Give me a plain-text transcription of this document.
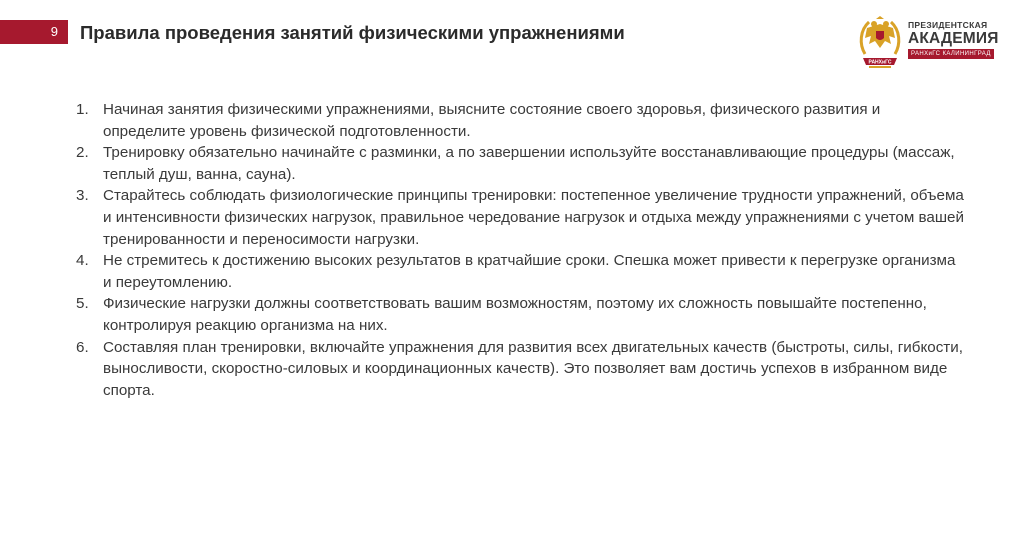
9 Правила проведения занятий физическими упражнениями
РАНХиГС
ПРЕЗИДЕНТСКАЯ
АКАДЕМИЯ
РАНХиГС КАЛИНИНГРАД
1. Начиная занятия физическими упражнениями, выясните состояние своего здоровья, физического развития и определите уровень физической подготовленности.
2. Тренировку обязательно начинайте с разминки, а по завершении используйте восстанавливающие процедуры (массаж, теплый душ, ванна, сауна).
3. Старайтесь соблюдать физиологические принципы тренировки: постепенное увеличение трудности упражнений, объема и интенсивности физических нагрузок, правильное чередование нагрузок и отдыха между упражнениями с учетом вашей тренированности и переносимости нагрузки.
4. Не стремитесь к достижению высоких результатов в кратчайшие сроки. Спешка может привести к перегрузке организма и переутомлению.
5. Физические нагрузки должны соответствовать вашим возможностям, поэтому их сложность повышайте постепенно, контролируя реакцию организма на них.
6. Составляя план тренировки, включайте упражнения для развития всех двигательных качеств (быстроты, силы, гибкости, выносливости, скоростно-силовых и координационных качеств). Это позволяет вам достичь успехов в избранном виде спорта.
